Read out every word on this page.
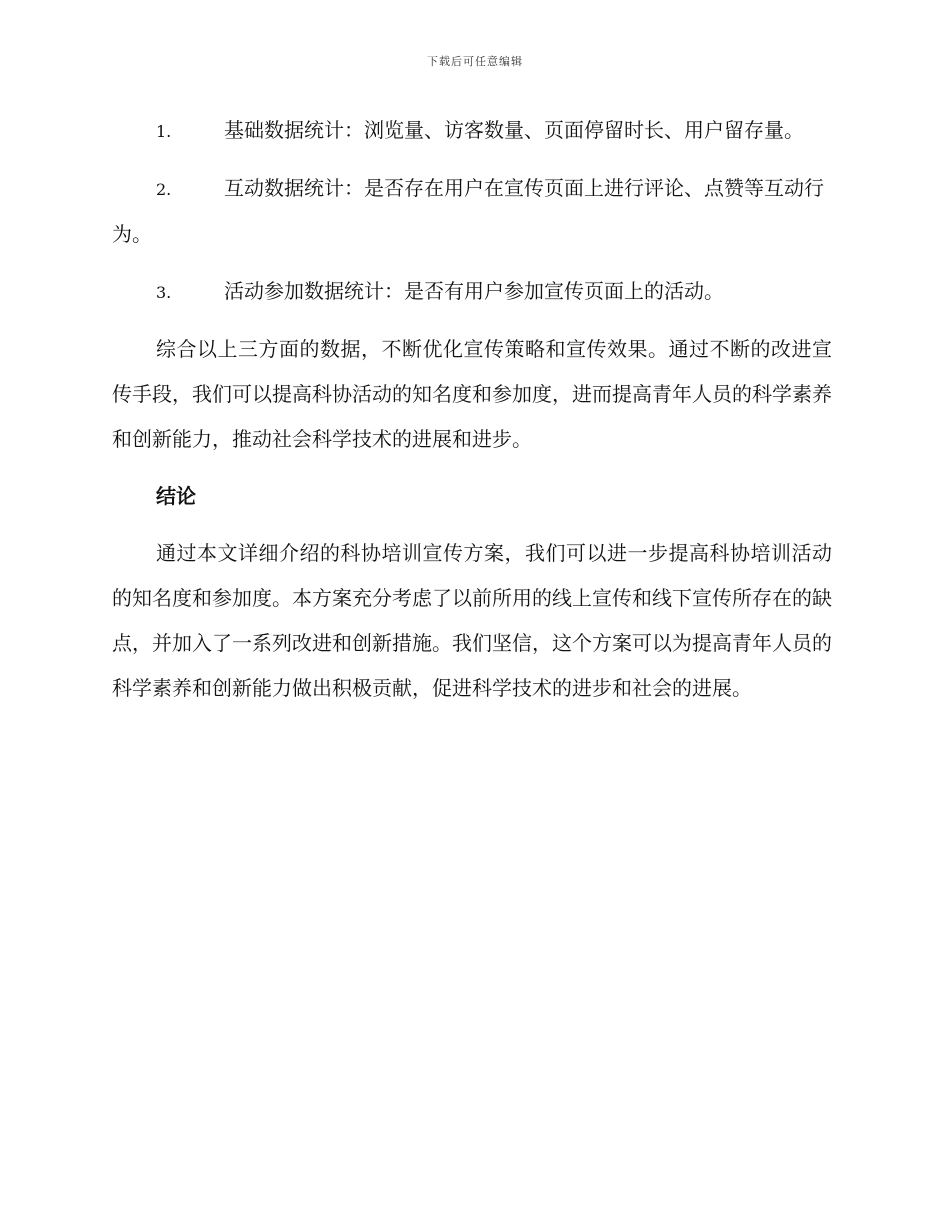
下载后可任意编辑
1.	基础数据统计：浏览量、访客数量、页面停留时长、用户留存量。
2.	互动数据统计：是否存在用户在宣传页面上进行评论、点赞等互动行为。
3.	活动参加数据统计：是否有用户参加宣传页面上的活动。

综合以上三方面的数据，不断优化宣传策略和宣传效果。通过不断的改进宣传手段，我们可以提高科协活动的知名度和参加度，进而提高青年人员的科学素养和创新能力，推动社会科学技术的进展和进步。

结论

通过本文详细介绍的科协培训宣传方案，我们可以进一步提高科协培训活动的知名度和参加度。本方案充分考虑了以前所用的线上宣传和线下宣传所存在的缺点，并加入了一系列改进和创新措施。我们坚信，这个方案可以为提高青年人员的科学素养和创新能力做出积极贡献，促进科学技术的进步和社会的进展。
